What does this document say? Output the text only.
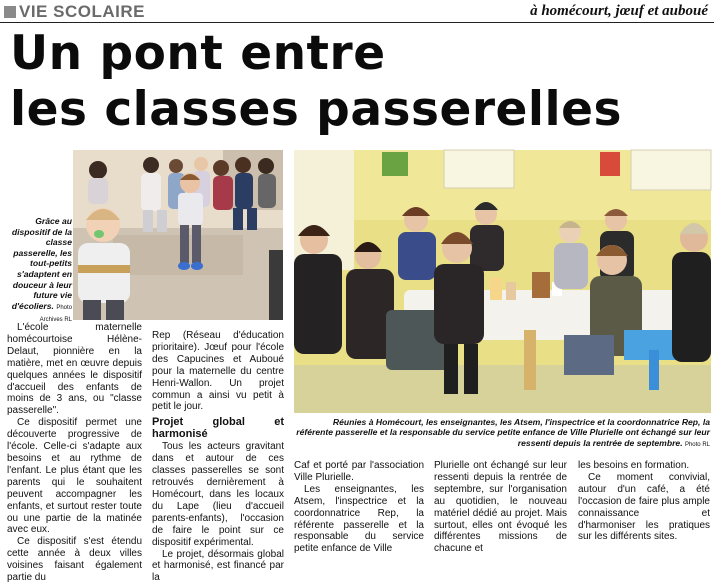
VIE SCOLAIRE	à homécourt, jœuf et auboué
Un pont entre
les classes passerelles
Grâce au dispositif de la classe passerelle, les tout-petits s'adaptent en douceur à leur future vie d'écoliers. Photo Archives RL
Réunies à Homécourt, les enseignantes, les Atsem, l'inspectrice et la coordonnatrice Rep, la référente passerelle et la responsable du service petite enfance de Ville Plurielle ont échangé sur leur ressenti depuis la rentrée de septembre. Photo RL

L'école maternelle homécourtoise Hélène-Delaut, pionnière en la matière, met en œuvre depuis quelques années le dispositif d'accueil des enfants de moins de 3 ans, ou "classe passerelle".

Ce dispositif permet une découverte progressive de l'école. Celle-ci s'adapte aux besoins et au rythme de l'enfant. Le plus étant que les parents qui le souhaitent peuvent accompagner les enfants, et surtout rester toute ou une partie de la matinée avec eux.

Ce dispositif s'est étendu cette année à deux villes voisines faisant également partie du

Rep (Réseau d'éducation prioritaire). Jœuf pour l'école des Capucines et Auboué pour la maternelle du centre Henri-Wallon. Un projet commun a ainsi vu petit à petit le jour.

Projet global et harmonisé

Tous les acteurs gravitant dans et autour de ces classes passerelles se sont retrouvés dernièrement à Homécourt, dans les locaux du Lape (lieu d'accueil parents-enfants), l'occasion de faire le point sur ce dispositif expérimental.

Le projet, désormais global et harmonisé, est financé par la

Caf et porté par l'association Ville Plurielle.

Les enseignantes, les Atsem, l'inspectrice et la coordonnatrice Rep, la référente passerelle et la responsable du service petite enfance de Ville

Plurielle ont échangé sur leur ressenti depuis la rentrée de septembre, sur l'organisation au quotidien, le nouveau matériel dédié au projet. Mais surtout, elles ont évoqué les différentes missions de chacune et

les besoins en formation.

Ce moment convivial, autour d'un café, a été l'occasion de faire plus ample connaissance et d'harmoniser les pratiques sur les différents sites.
